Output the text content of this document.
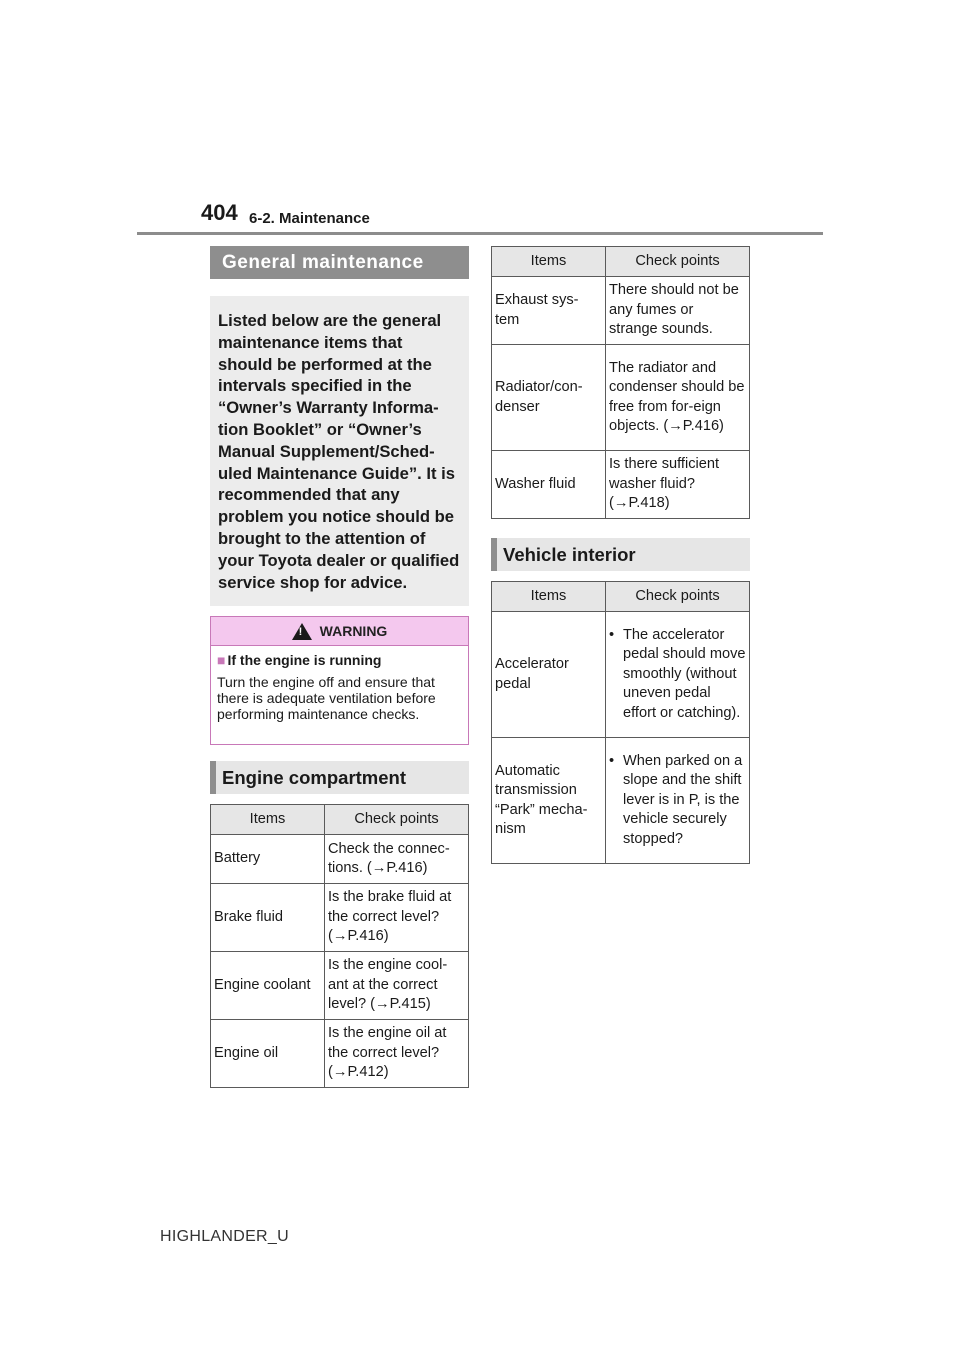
404 6-2. Maintenance
General maintenance
Listed below are the general maintenance items that should be performed at the intervals specified in the “Owner’s Warranty Informa-tion Booklet” or “Owner’s Manual Supplement/Sched-uled Maintenance Guide”. It is recommended that any problem you notice should be brought to the attention of your Toyota dealer or qualified service shop for advice.
!
WARNING
■ If the engine is running
Turn the engine off and ensure that there is adequate ventilation before performing maintenance checks.
Engine compartment
Items	Check points
Battery	Check the connec-tions. (→P.416)
Brake fluid	Is the brake fluid at the correct level? (→P.416)
Engine coolant	Is the engine cool-ant at the correct level? (→P.415)
Engine oil	Is the engine oil at the correct level? (→P.412)
Items	Check points
Exhaust sys-tem	There should not be any fumes or strange sounds.
Radiator/con-denser	The radiator and condenser should be free from for-eign objects. (→P.416)
Washer fluid	Is there sufficient washer fluid? (→P.418)
Vehicle interior
Items	Check points
Accelerator pedal	• The accelerator pedal should move smoothly (without uneven pedal effort or catching).

Automatic transmission “Park” mecha-nism	• When parked on a slope and the shift lever is in P, is the vehicle securely stopped?
HIGHLANDER_U
